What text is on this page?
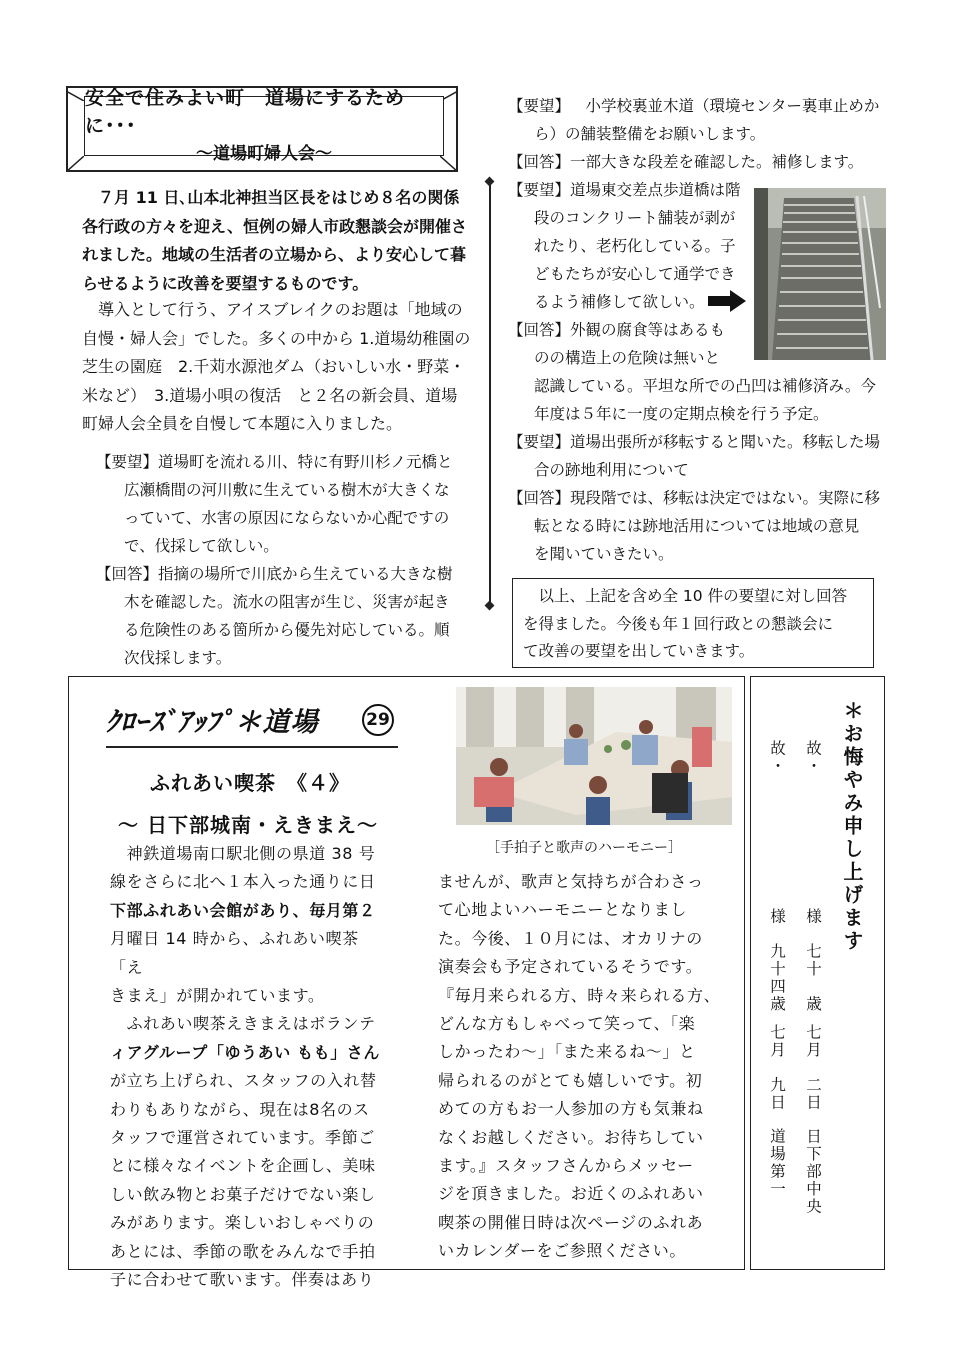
安全で住みよい町　道場にするために･･･
～道場町婦人会～
７月 11 日､山本北神担当区長をはじめ８名の関係
各行政の方々を迎え、恒例の婦人市政懇談会が開催さ
れました。地域の生活者の立場から、より安心して暮
らせるように改善を要望するものです。
導入として行う、アイスブレイクのお題は「地域の
自慢・婦人会」でした。多くの中から 1.道場幼稚園の
芝生の園庭　2.千苅水源池ダム（おいしい水・野菜・
米など）　3.道場小唄の復活　と２名の新会員、道場
町婦人会全員を自慢して本題に入りました。
【要望】 道場町を流れる川、特に有野川杉ノ元橋と
広瀬橋間の河川敷に生えている樹木が大きくな
っていて、水害の原因にならないか心配ですの
で、伐採して欲しい。
【回答】 指摘の場所で川底から生えている大きな樹
木を確認した。流水の阻害が生じ、災害が起き
る危険性のある箇所から優先対応している。順
次伐採します。
【要望】 　小学校裏並木道（環境センター裏車止めか
ら）の舗装整備をお願いします。
【回答】 一部大きな段差を確認した。補修します。
【要望】 道場東交差点歩道橋は階
段のコンクリート舗装が剥が
れたり、老朽化している。子
どもたちが安心して通学でき
るよう補修して欲しい。
【回答】 外観の腐食等はあるも
のの構造上の危険は無いと
認識している。平坦な所での凸凹は補修済み。今
年度は５年に一度の定期点検を行う予定。
【要望】 道場出張所が移転すると聞いた。移転した場
合の跡地利用について
【回答】 現段階では、移転は決定ではない。実際に移
転となる時には跡地活用については地域の意見
を聞いていきたい。
　以上、上記を含め全 10 件の要望に対し回答
を得ました。今後も年１回行政との懇談会に
て改善の要望を出していきます。
ｸﾛｰｽﾞｱｯﾌﾟ＊道場	29
ふれあい喫茶　《４》
～ 日下部城南・えきまえ～
［手拍子と歌声のハーモニー］
　神鉄道場南口駅北側の県道 38 号
線をさらに北へ１本入った通りに日
下部ふれあい会館があり、毎月第２
月曜日 14 時から、ふれあい喫茶「え
きまえ」が開かれています。
　ふれあい喫茶えきまえはボランテ
ィアグループ「ゆうあい もも」さん
が立ち上げられ、スタッフの入れ替
わりもありながら、現在は8名のス
タッフで運営されています。季節ご
とに様々なイベントを企画し、美味
しい飲み物とお菓子だけでない楽し
みがあります。楽しいおしゃべりの
あとには、季節の歌をみんなで手拍
子に合わせて歌います。伴奏はあり
ませんが、歌声と気持ちが合わさっ
て心地よいハーモニーとなりまし
た。今後、１０月には、オカリナの
演奏会も予定されているそうです。
『毎月来られる方、時々来られる方、
どんな方もしゃべって笑って、「楽
しかったわ～」「また来るね～」と
帰られるのがとても嬉しいです。初
めての方もお一人参加の方も気兼ね
なくお越しください。お待ちしてい
ます。』スタッフさんからメッセー
ジを頂きました。お近くのふれあい
喫茶の開催日時は次ページのふれあ
いカレンダーをご参照ください。
＊お悔やみ申し上げます
故・
様　七十　歳
七月　二日
日下部中央
故・
様　九十四歳
七月　九日
道場第一
